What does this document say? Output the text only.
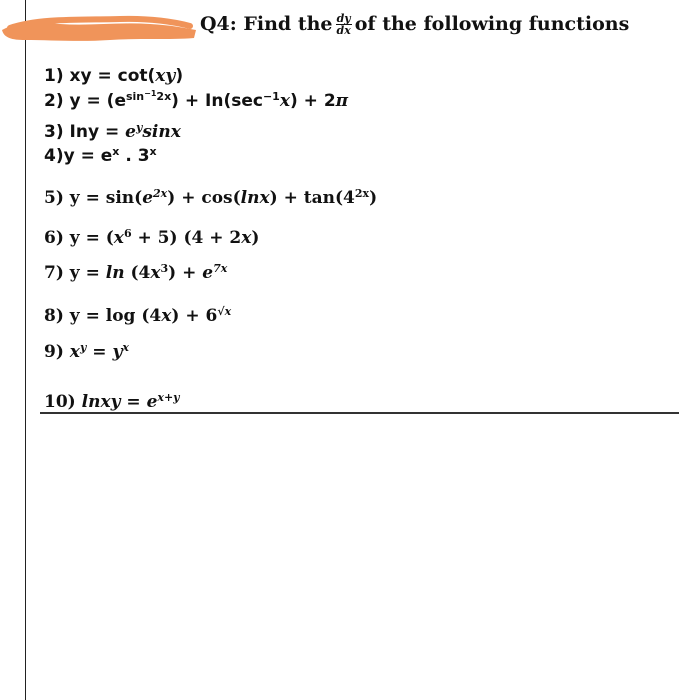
Q4: Find the $\frac{dy}{dx}$ of the following functions
1) xy = cot(xy)
2) $y = (e^{sin^{-1}2x}) + In(\sec^{-1}x) + 2\pi$
3) Iny = $e^y\sin x$
$4)y = e^x$ . 3$^x$
5) $y = \sin(e^{2x}) + \cos(\ln x) + \tan(4^{2x})$
6) $y = (x^6 + 5) (4 + 2x)$
7) $y = \ln (4x^3) + e^{7x}$
8) $y = \log (4x) + 6^{√x}$
9) $x^y = y^x$
10) lnxy = $e^{x+y}$
